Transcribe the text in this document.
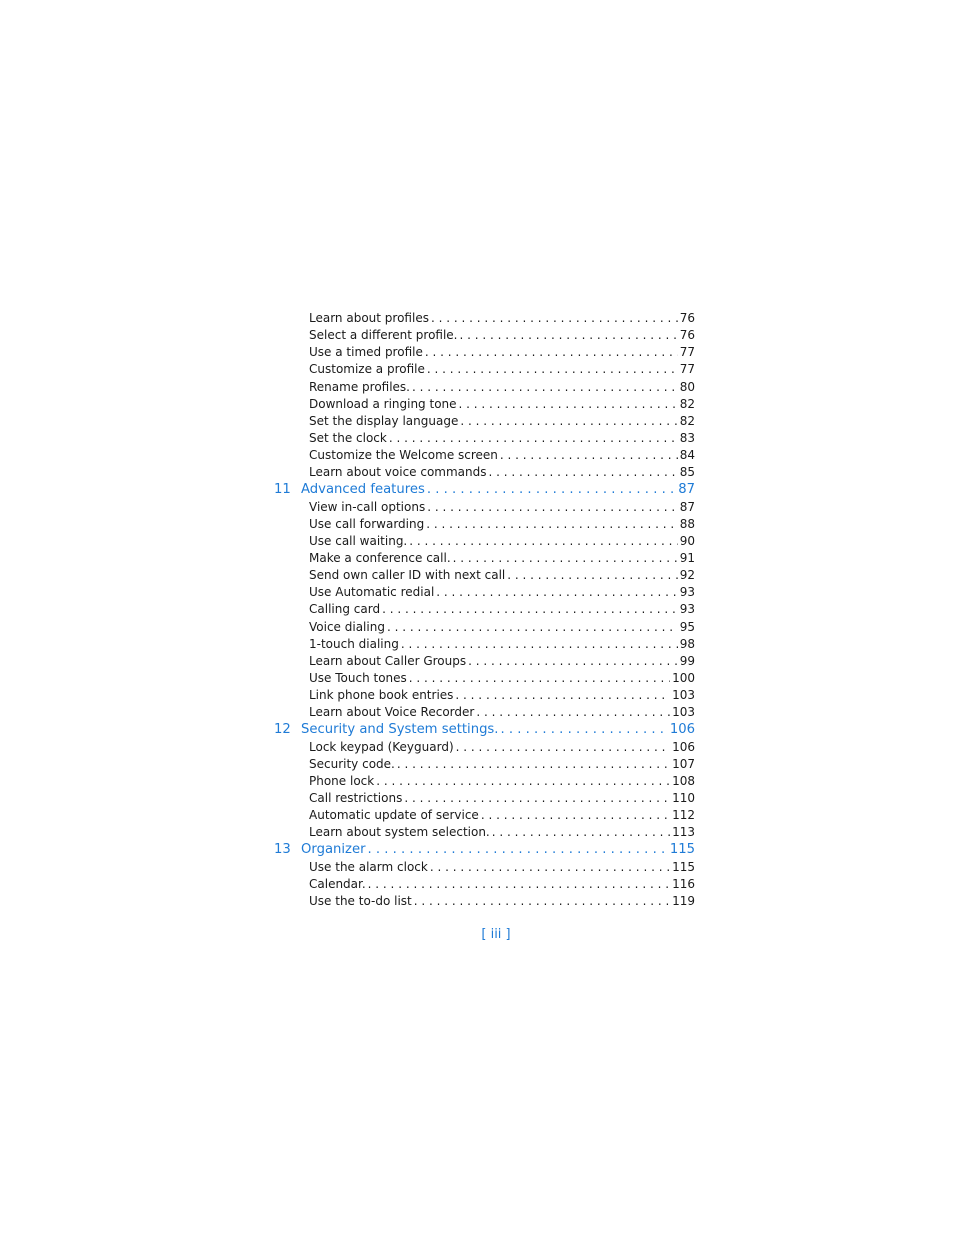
Learn about profiles . . .	76
Select a different profile. . . .	76
Use a timed profile . . .	77
Customize a profile . . .	77
Rename profiles. . . .	80
Download a ringing tone . . .	82
Set the display language . . .	82
Set the clock . . .	83
Customize the Welcome screen . . .	84
Learn about voice commands . . .	85
11 Advanced features . . .	87
View in-call options . . .	87
Use call forwarding . . .	88
Use call waiting. . . .	90
Make a conference call. . . .	91
Send own caller ID with next call . . .	92
Use Automatic redial . . .	93
Calling card . . .	93
Voice dialing . . .	95
1-touch dialing . . .	98
Learn about Caller Groups . . .	99
Use Touch tones . . .	100
Link phone book entries . . .	103
Learn about Voice Recorder . . .	103
12 Security and System settings. . . .	106
Lock keypad (Keyguard) . . .	106
Security code. . . .	107
Phone lock . . .	108
Call restrictions . . .	110
Automatic update of service . . .	112
Learn about system selection. . . .	113
13 Organizer . . .	115
Use the alarm clock . . .	115
Calendar. . . .	116
Use the to-do list . . .	119
[ iii ]
